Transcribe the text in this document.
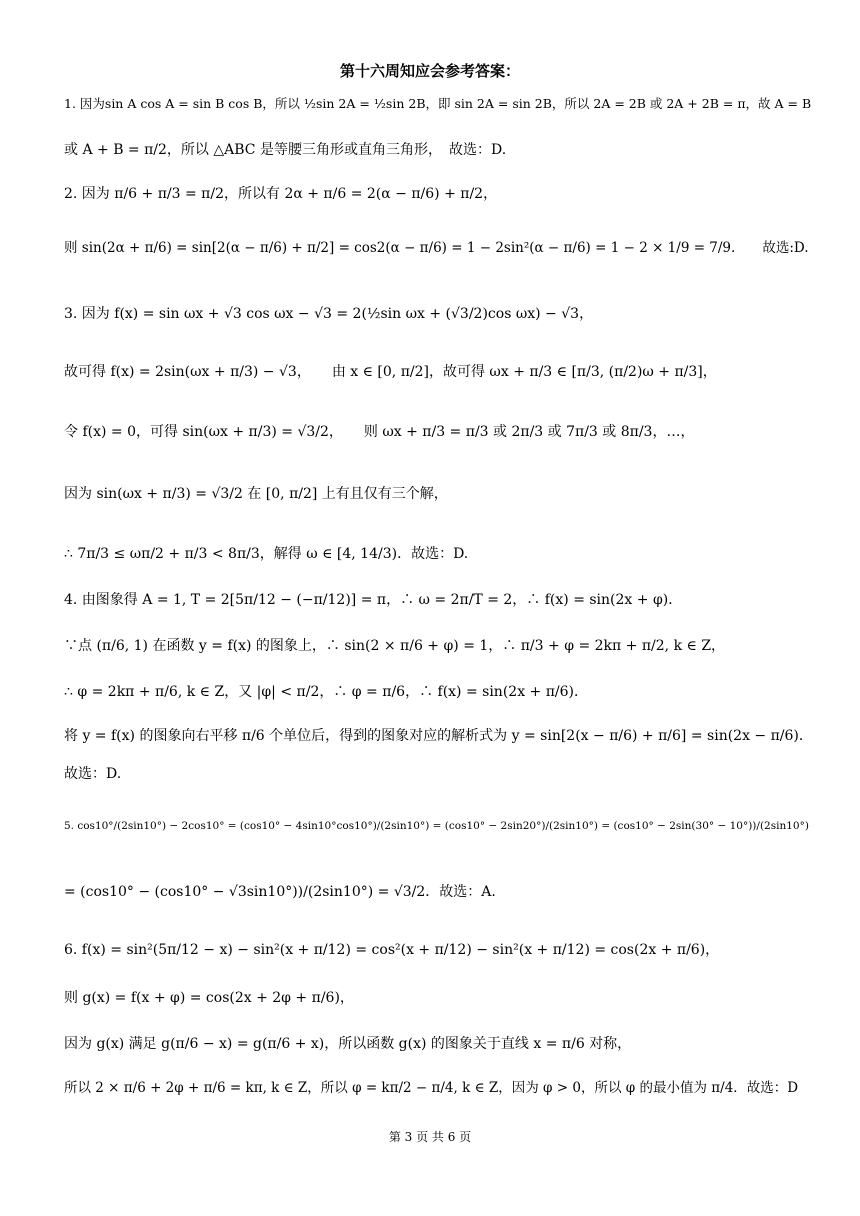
第十六周知应会参考答案：
1. 因为sin A cos A = sin B cos B，所以 ½sin 2A = ½sin 2B，即 sin 2A = sin 2B，所以 2A = 2B 或 2A + 2B = π，故 A = B
或 A + B = π/2，所以 △ABC 是等腰三角形或直角三角形，　故选：D.
2. 因为 π/6 + π/3 = π/2，所以有 2α + π/6 = 2(α − π/6) + π/2，
则 sin(2α + π/6) = sin[2(α − π/6) + π/2] = cos2(α − π/6) = 1 − 2sin²(α − π/6) = 1 − 2 × 1/9 = 7/9.　　故选:D.
3. 因为 f(x) = sin ωx + √3 cos ωx − √3 = 2(½sin ωx + (√3/2)cos ωx) − √3，
故可得 f(x) = 2sin(ωx + π/3) − √3，　　由 x ∈ [0, π/2]，故可得 ωx + π/3 ∈ [π/3, (π/2)ω + π/3]，
令 f(x) = 0，可得 sin(ωx + π/3) = √3/2，　　则 ωx + π/3 = π/3 或 2π/3 或 7π/3 或 8π/3，…，
因为 sin(ωx + π/3) = √3/2 在 [0, π/2] 上有且仅有三个解，
∴ 7π/3 ≤ ωπ/2 + π/3 < 8π/3，解得 ω ∈ [4, 14/3)．故选：D.
4. 由图象得 A = 1, T = 2[5π/12 − (−π/12)] = π，∴ ω = 2π/T = 2，∴ f(x) = sin(2x + φ)．
∵点 (π/6, 1) 在函数 y = f(x) 的图象上，∴ sin(2 × π/6 + φ) = 1，∴ π/3 + φ = 2kπ + π/2, k ∈ Z，
∴ φ = 2kπ + π/6, k ∈ Z，又 |φ| < π/2，∴ φ = π/6，∴ f(x) = sin(2x + π/6)．
将 y = f(x) 的图象向右平移 π/6 个单位后，得到的图象对应的解析式为 y = sin[2(x − π/6) + π/6] = sin(2x − π/6)．
故选：D.
5. cos10°/(2sin10°) − 2cos10° = (cos10° − 4sin10°cos10°)/(2sin10°) = (cos10° − 2sin20°)/(2sin10°) = (cos10° − 2sin(30° − 10°))/(2sin10°)
= (cos10° − (cos10° − √3sin10°))/(2sin10°) = √3/2．故选：A.
6. f(x) = sin²(5π/12 − x) − sin²(x + π/12) = cos²(x + π/12) − sin²(x + π/12) = cos(2x + π/6)，
则 g(x) = f(x + φ) = cos(2x + 2φ + π/6)，
因为 g(x) 满足 g(π/6 − x) = g(π/6 + x)，所以函数 g(x) 的图象关于直线 x = π/6 对称，
所以 2 × π/6 + 2φ + π/6 = kπ, k ∈ Z，所以 φ = kπ/2 − π/4, k ∈ Z，因为 φ > 0，所以 φ 的最小值为 π/4．故选：D
第 3 页 共 6 页
